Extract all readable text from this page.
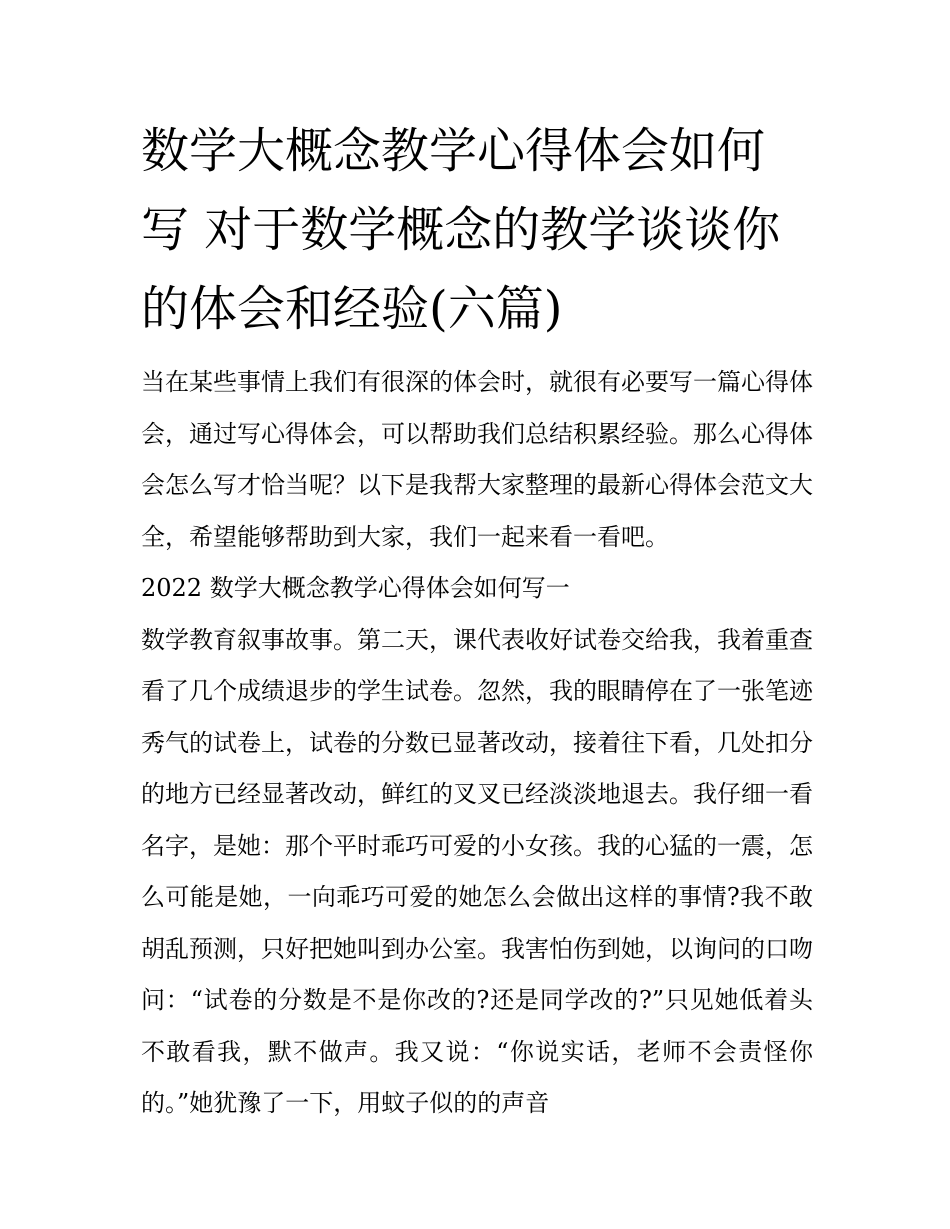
数学大概念教学心得体会如何
写 对于数学概念的教学谈谈你
的体会和经验(六篇)

当在某些事情上我们有很深的体会时，就很有必要写一篇心得体会，通过写心得体会，可以帮助我们总结积累经验。那么心得体会怎么写才恰当呢？以下是我帮大家整理的最新心得体会范文大全，希望能够帮助到大家，我们一起来看一看吧。

2022 数学大概念教学心得体会如何写一

数学教育叙事故事。第二天，课代表收好试卷交给我，我着重查看了几个成绩退步的学生试卷。忽然，我的眼睛停在了一张笔迹秀气的试卷上，试卷的分数已显著改动，接着往下看，几处扣分的地方已经显著改动，鲜红的叉叉已经淡淡地退去。我仔细一看名字，是她：那个平时乖巧可爱的小女孩。我的心猛的一震，怎么可能是她，一向乖巧可爱的她怎么会做出这样的事情?我不敢胡乱预测，只好把她叫到办公室。我害怕伤到她，以询问的口吻问：“试卷的分数是不是你改的?还是同学改的?”只见她低着头不敢看我，默不做声。我又说：“你说实话，老师不会责怪你的。”她犹豫了一下，用蚊子似的的声音
